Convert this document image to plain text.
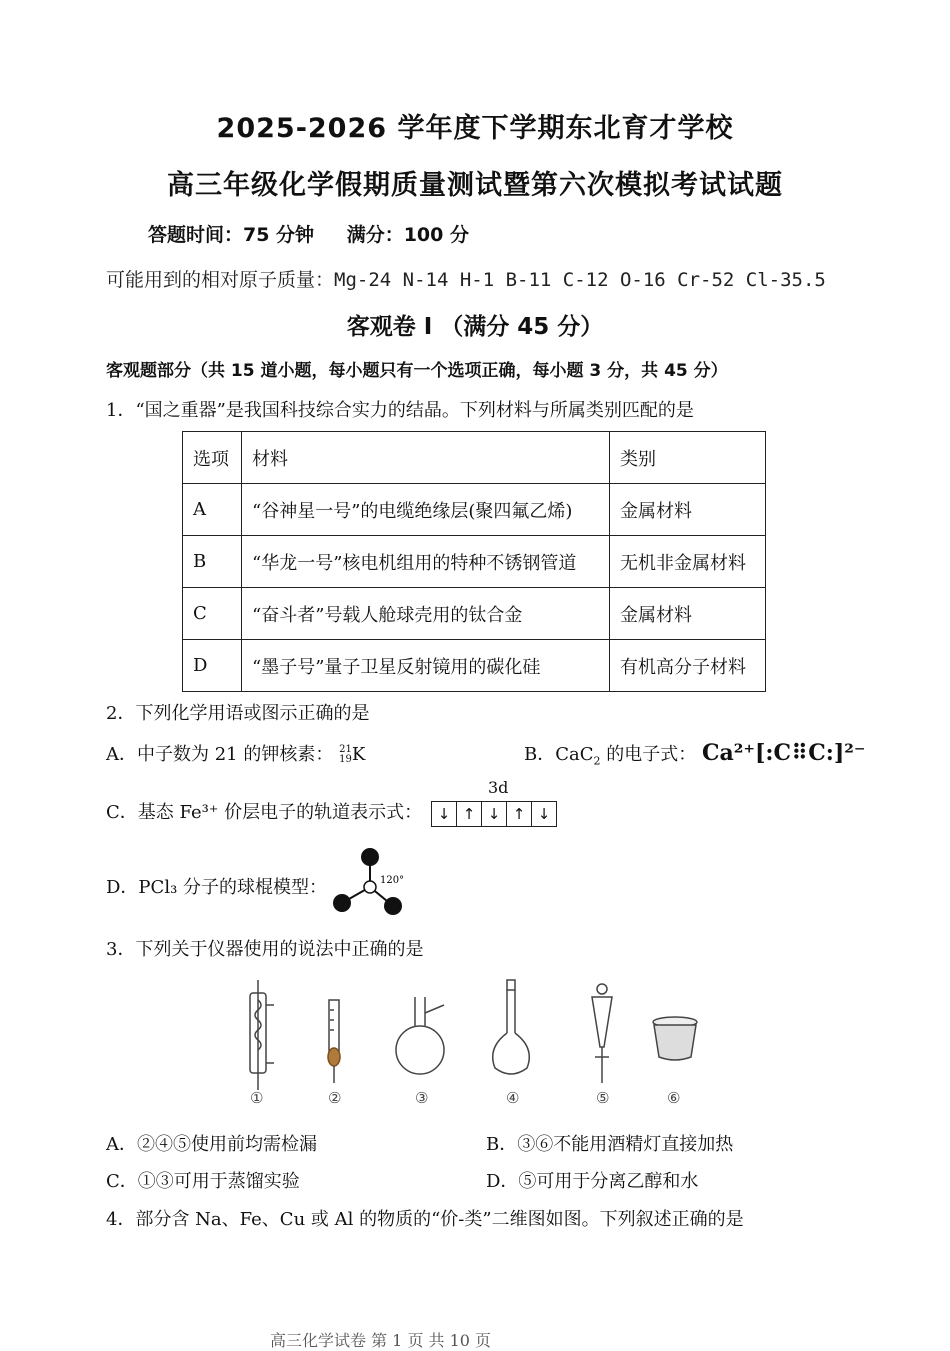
2025-2026 学年度下学期东北育才学校
高三年级化学假期质量测试暨第六次模拟考试试题
答题时间：75 分钟 满分：100 分
可能用到的相对原子质量：Mg-24 N-14 H-1 B-11 C-12 O-16 Cr-52 Cl-35.5
客观卷 I （满分 45 分）
客观题部分（共 15 道小题，每小题只有一个选项正确，每小题 3 分，共 45 分）
1．“国之重器”是我国科技综合实力的结晶。下列材料与所属类别匹配的是
选项	材料	类别
A	“谷神星一号”的电缆绝缘层(聚四氟乙烯)	金属材料
B	“华龙一号”核电机组用的特种不锈钢管道	无机非金属材料
C	“奋斗者”号载人舱球壳用的钛合金	金属材料
D	“墨子号”量子卫星反射镜用的碳化硅	有机高分子材料
2．下列化学用语或图示正确的是
A．中子数为 21 的钾核素： 21
19 K	B．CaC$_2$ 的电子式： Ca²⁺[:C⠿C:]²⁻
C．基态 Fe³⁺ 价层电子的轨道表示式：
3d
↓ ↑ ↓ ↑ ↓
D．PCl₃ 分子的球棍模型：	120°
3．下列关于仪器使用的说法中正确的是
①	②	③	④	⑤	⑥
A．②④⑤使用前均需检漏	B．③⑥不能用酒精灯直接加热
C．①③可用于蒸馏实验	D．⑤可用于分离乙醇和水
4．部分含 Na、Fe、Cu 或 Al 的物质的“价-类”二维图如图。下列叙述正确的是
高三化学试卷 第 1 页 共 10 页
